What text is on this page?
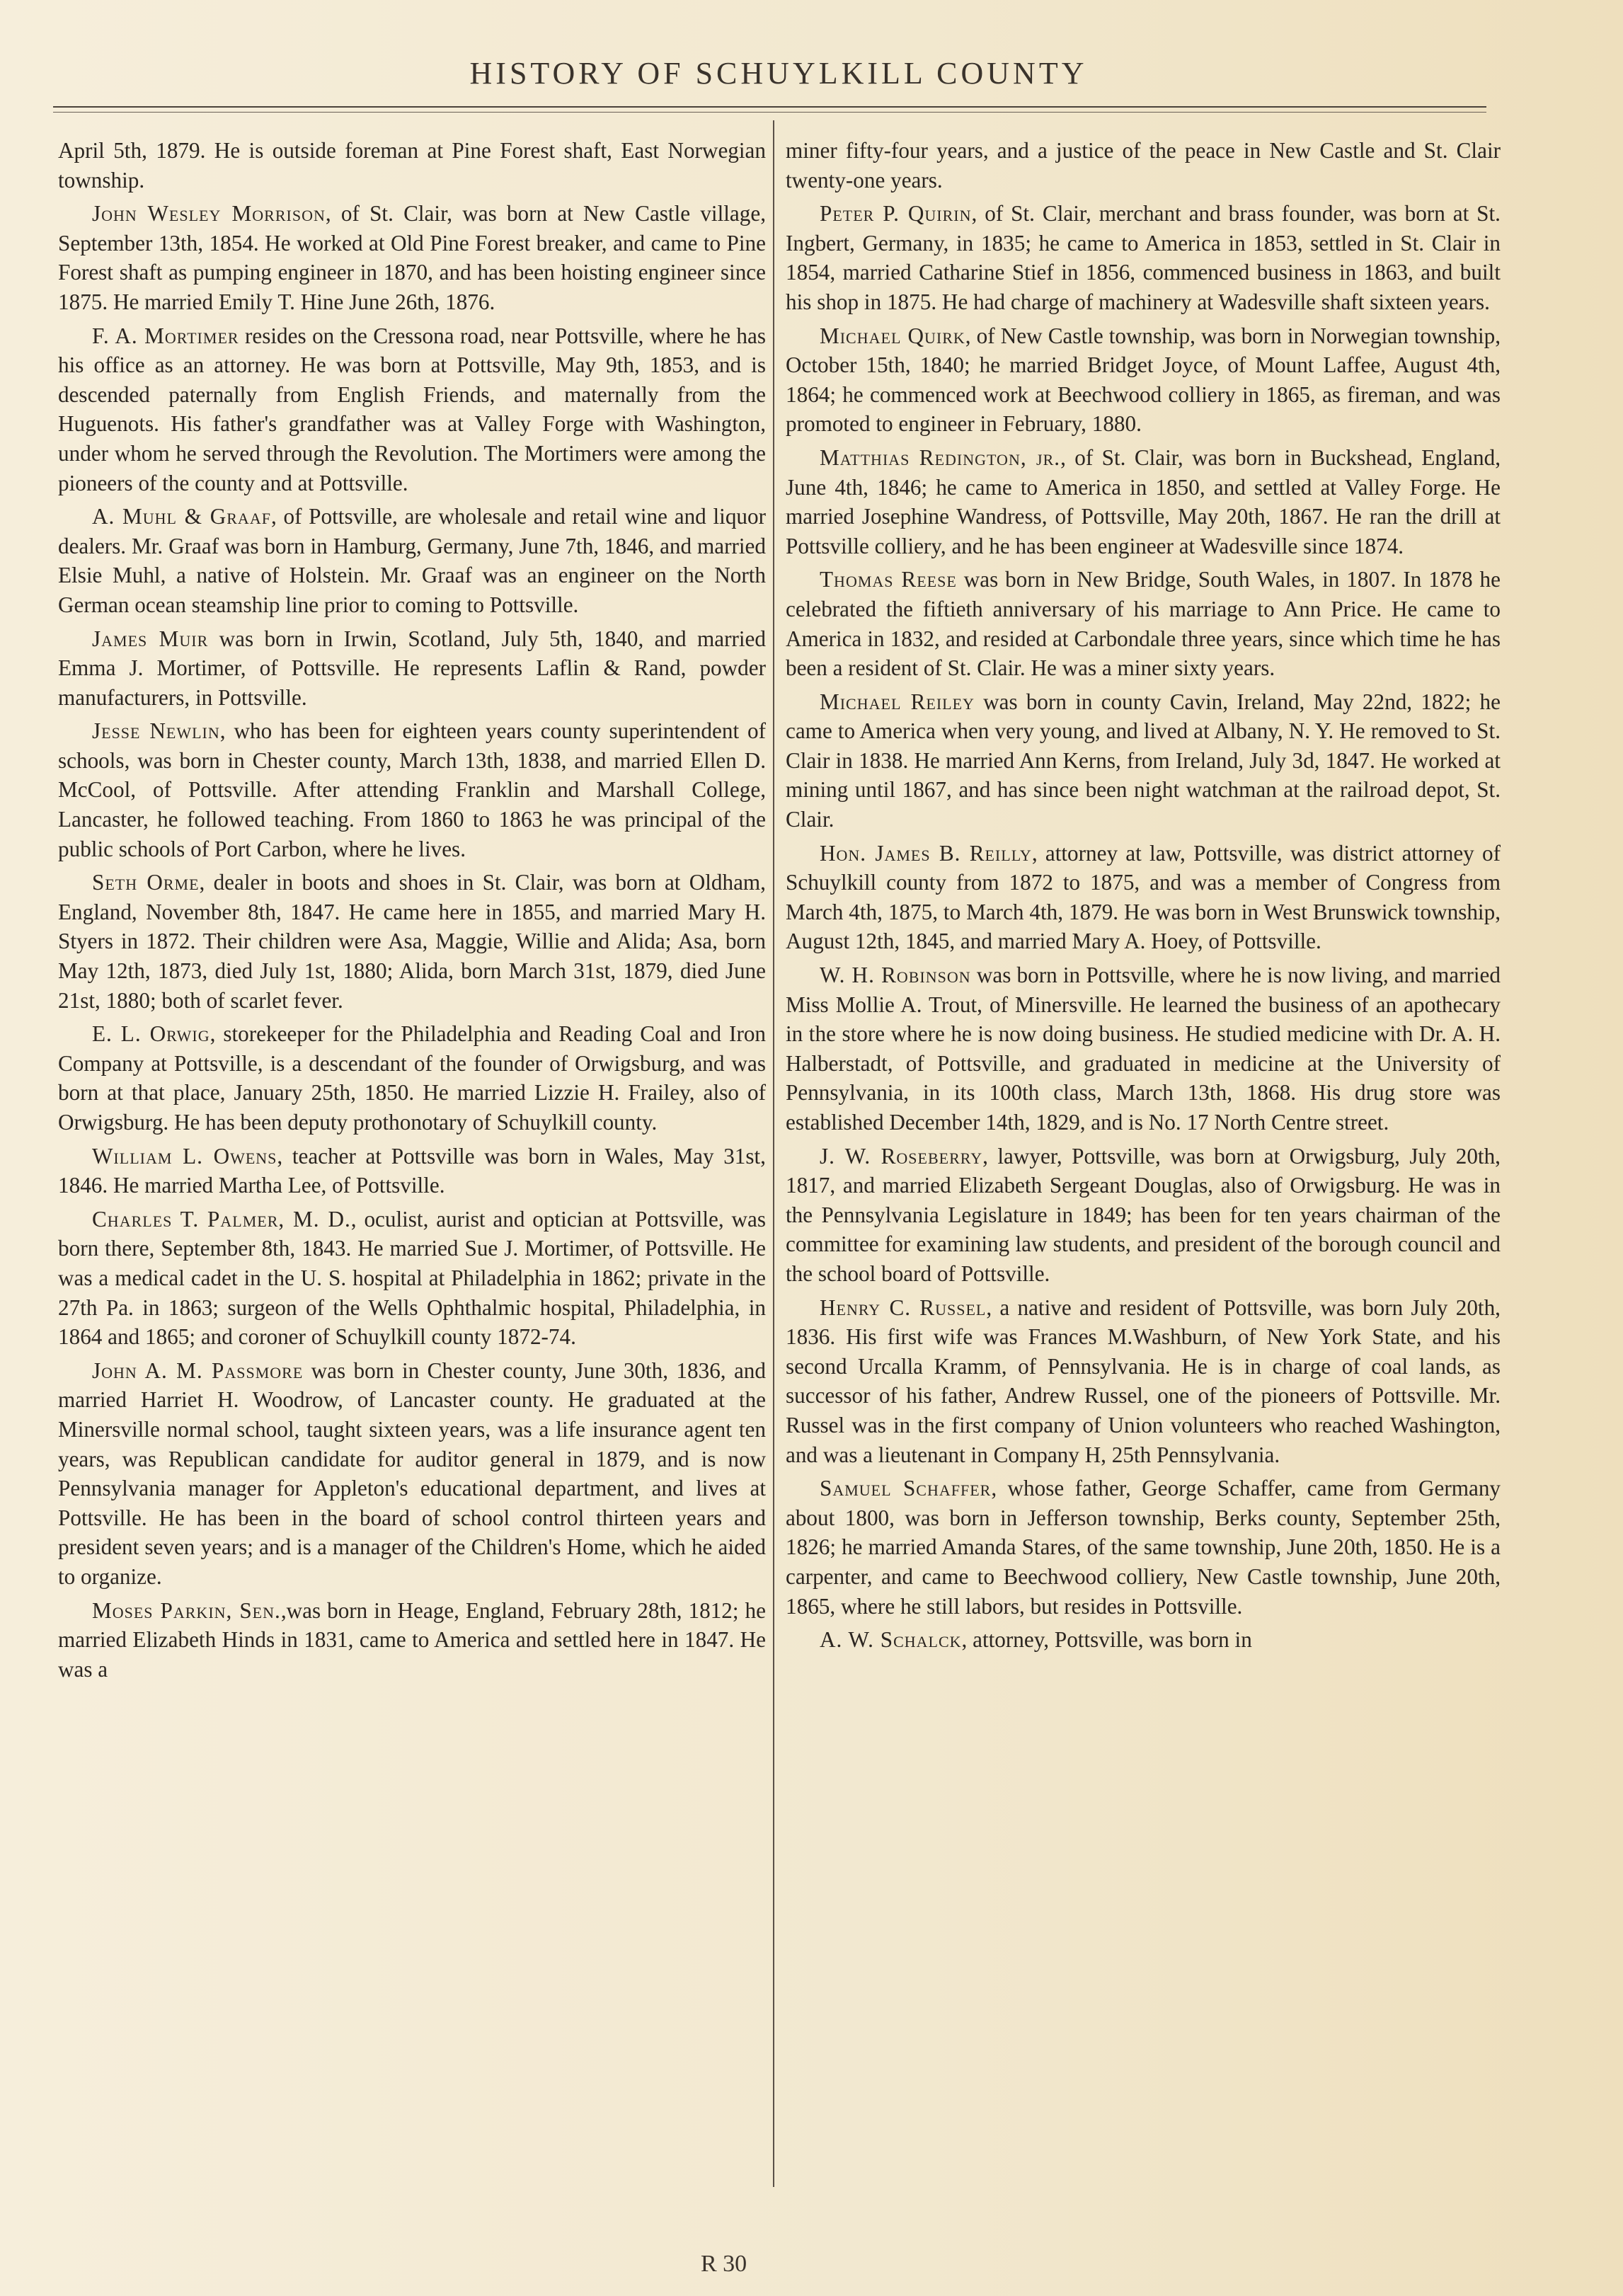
HISTORY OF SCHUYLKILL COUNTY

April 5th, 1879. He is outside foreman at Pine Forest shaft, East Norwegian township.

John Wesley Morrison, of St. Clair, was born at New Castle village, September 13th, 1854. He worked at Old Pine Forest breaker, and came to Pine Forest shaft as pumping engineer in 1870, and has been hoisting engineer since 1875. He married Emily T. Hine June 26th, 1876.

F. A. Mortimer resides on the Cressona road, near Pottsville, where he has his office as an attorney. He was born at Pottsville, May 9th, 1853, and is descended paternally from English Friends, and maternally from the Huguenots. His father's grandfather was at Valley Forge with Washington, under whom he served through the Revolution. The Mortimers were among the pioneers of the county and at Pottsville.

A. Muhl & Graaf, of Pottsville, are wholesale and retail wine and liquor dealers. Mr. Graaf was born in Hamburg, Germany, June 7th, 1846, and married Elsie Muhl, a native of Holstein. Mr. Graaf was an engineer on the North German ocean steamship line prior to coming to Pottsville.

James Muir was born in Irwin, Scotland, July 5th, 1840, and married Emma J. Mortimer, of Pottsville. He represents Laflin & Rand, powder manufacturers, in Pottsville.

Jesse Newlin, who has been for eighteen years county superintendent of schools, was born in Chester county, March 13th, 1838, and married Ellen D. McCool, of Pottsville. After attending Franklin and Marshall College, Lancaster, he followed teaching. From 1860 to 1863 he was principal of the public schools of Port Carbon, where he lives.

Seth Orme, dealer in boots and shoes in St. Clair, was born at Oldham, England, November 8th, 1847. He came here in 1855, and married Mary H. Styers in 1872. Their children were Asa, Maggie, Willie and Alida; Asa, born May 12th, 1873, died July 1st, 1880; Alida, born March 31st, 1879, died June 21st, 1880; both of scarlet fever.

E. L. Orwig, storekeeper for the Philadelphia and Reading Coal and Iron Company at Pottsville, is a descendant of the founder of Orwigsburg, and was born at that place, January 25th, 1850. He married Lizzie H. Frailey, also of Orwigsburg. He has been deputy prothonotary of Schuylkill county.

William L. Owens, teacher at Pottsville was born in Wales, May 31st, 1846. He married Martha Lee, of Pottsville.

Charles T. Palmer, M. D., oculist, aurist and optician at Pottsville, was born there, September 8th, 1843. He married Sue J. Mortimer, of Pottsville. He was a medical cadet in the U. S. hospital at Philadelphia in 1862; private in the 27th Pa. in 1863; surgeon of the Wells Ophthalmic hospital, Philadelphia, in 1864 and 1865; and coroner of Schuylkill county 1872-74.

John A. M. Passmore was born in Chester county, June 30th, 1836, and married Harriet H. Woodrow, of Lancaster county. He graduated at the Minersville normal school, taught sixteen years, was a life insurance agent ten years, was Republican candidate for auditor general in 1879, and is now Pennsylvania manager for Appleton's educational department, and lives at Pottsville. He has been in the board of school control thirteen years and president seven years; and is a manager of the Children's Home, which he aided to organize.

Moses Parkin, Sen.,was born in Heage, England, February 28th, 1812; he married Elizabeth Hinds in 1831, came to America and settled here in 1847. He was a

miner fifty-four years, and a justice of the peace in New Castle and St. Clair twenty-one years.

Peter P. Quirin, of St. Clair, merchant and brass founder, was born at St. Ingbert, Germany, in 1835; he came to America in 1853, settled in St. Clair in 1854, married Catharine Stief in 1856, commenced business in 1863, and built his shop in 1875. He had charge of machinery at Wadesville shaft sixteen years.

Michael Quirk, of New Castle township, was born in Norwegian township, October 15th, 1840; he married Bridget Joyce, of Mount Laffee, August 4th, 1864; he commenced work at Beechwood colliery in 1865, as fireman, and was promoted to engineer in February, 1880.

Matthias Redington, jr., of St. Clair, was born in Buckshead, England, June 4th, 1846; he came to America in 1850, and settled at Valley Forge. He married Josephine Wandress, of Pottsville, May 20th, 1867. He ran the drill at Pottsville colliery, and he has been engineer at Wadesville since 1874.

Thomas Reese was born in New Bridge, South Wales, in 1807. In 1878 he celebrated the fiftieth anniversary of his marriage to Ann Price. He came to America in 1832, and resided at Carbondale three years, since which time he has been a resident of St. Clair. He was a miner sixty years.

Michael Reiley was born in county Cavin, Ireland, May 22nd, 1822; he came to America when very young, and lived at Albany, N. Y. He removed to St. Clair in 1838. He married Ann Kerns, from Ireland, July 3d, 1847. He worked at mining until 1867, and has since been night watchman at the railroad depot, St. Clair.

Hon. James B. Reilly, attorney at law, Pottsville, was district attorney of Schuylkill county from 1872 to 1875, and was a member of Congress from March 4th, 1875, to March 4th, 1879. He was born in West Brunswick township, August 12th, 1845, and married Mary A. Hoey, of Pottsville.

W. H. Robinson was born in Pottsville, where he is now living, and married Miss Mollie A. Trout, of Minersville. He learned the business of an apothecary in the store where he is now doing business. He studied medicine with Dr. A. H. Halberstadt, of Pottsville, and graduated in medicine at the University of Pennsylvania, in its 100th class, March 13th, 1868. His drug store was established December 14th, 1829, and is No. 17 North Centre street.

J. W. Roseberry, lawyer, Pottsville, was born at Orwigsburg, July 20th, 1817, and married Elizabeth Sergeant Douglas, also of Orwigsburg. He was in the Pennsylvania Legislature in 1849; has been for ten years chairman of the committee for examining law students, and president of the borough council and the school board of Pottsville.

Henry C. Russel, a native and resident of Pottsville, was born July 20th, 1836. His first wife was Frances M.Washburn, of New York State, and his second Urcalla Kramm, of Pennsylvania. He is in charge of coal lands, as successor of his father, Andrew Russel, one of the pioneers of Pottsville. Mr. Russel was in the first company of Union volunteers who reached Washington, and was a lieutenant in Company H, 25th Pennsylvania.

Samuel Schaffer, whose father, George Schaffer, came from Germany about 1800, was born in Jefferson township, Berks county, September 25th, 1826; he married Amanda Stares, of the same township, June 20th, 1850. He is a carpenter, and came to Beechwood colliery, New Castle township, June 20th, 1865, where he still labors, but resides in Pottsville.

A. W. Schalck, attorney, Pottsville, was born in

R 30
